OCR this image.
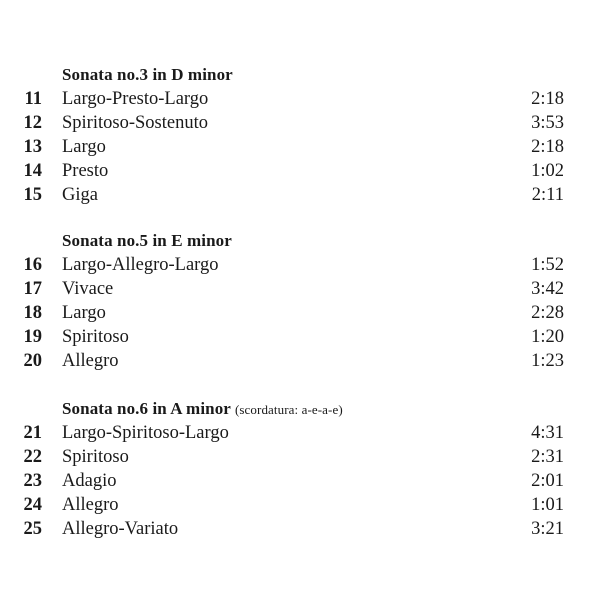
Sonata no.3 in D minor
11 Largo-Presto-Largo	2:18
12 Spiritoso-Sostenuto	3:53
13 Largo	2:18
14 Presto	1:02
15 Giga	2:11
Sonata no.5 in E minor
16 Largo-Allegro-Largo	1:52
17 Vivace	3:42
18 Largo	2:28
19 Spiritoso	1:20
20 Allegro	1:23
Sonata no.6 in A minor (scordatura: a-e-a-e)
21 Largo-Spiritoso-Largo	4:31
22 Spiritoso	2:31
23 Adagio	2:01
24 Allegro	1:01
25 Allegro-Variato	3:21
